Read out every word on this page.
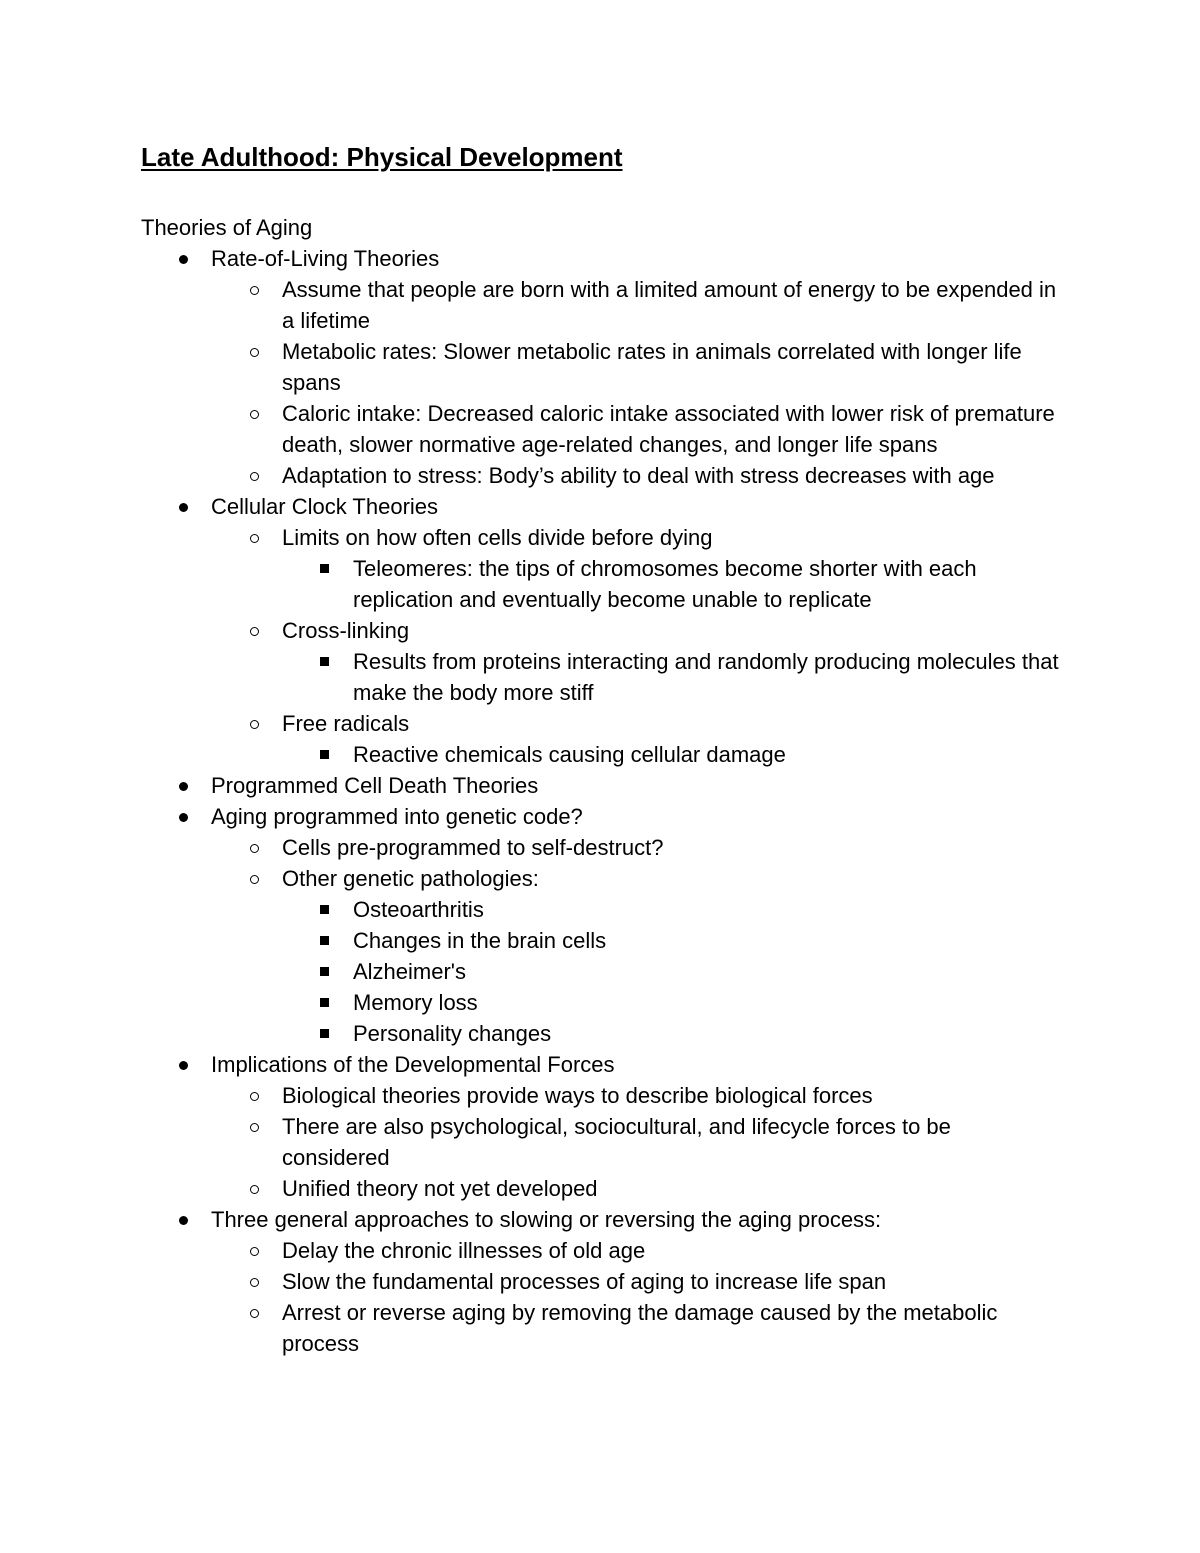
Late Adulthood: Physical Development
Theories of Aging
Rate-of-Living Theories
Assume that people are born with a limited amount of energy to be expended in a lifetime
Metabolic rates: Slower metabolic rates in animals correlated with longer life spans
Caloric intake: Decreased caloric intake associated with lower risk of premature death, slower normative age-related changes, and longer life spans
Adaptation to stress: Body’s ability to deal with stress decreases with age
Cellular Clock Theories
Limits on how often cells divide before dying
Teleomeres: the tips of chromosomes become shorter with each replication and eventually become unable to replicate
Cross-linking
Results from proteins interacting and randomly producing molecules that make the body more stiff
Free radicals
Reactive chemicals causing cellular damage
Programmed Cell Death Theories
Aging programmed into genetic code?
Cells pre-programmed to self-destruct?
Other genetic pathologies:
Osteoarthritis
Changes in the brain cells
Alzheimer's
Memory loss
Personality changes
Implications of the Developmental Forces
Biological theories provide ways to describe biological forces
There are also psychological, sociocultural, and lifecycle forces to be considered
Unified theory not yet developed
Three general approaches to slowing or reversing the aging process:
Delay the chronic illnesses of old age
Slow the fundamental processes of aging to increase life span
Arrest or reverse aging by removing the damage caused by the metabolic process
